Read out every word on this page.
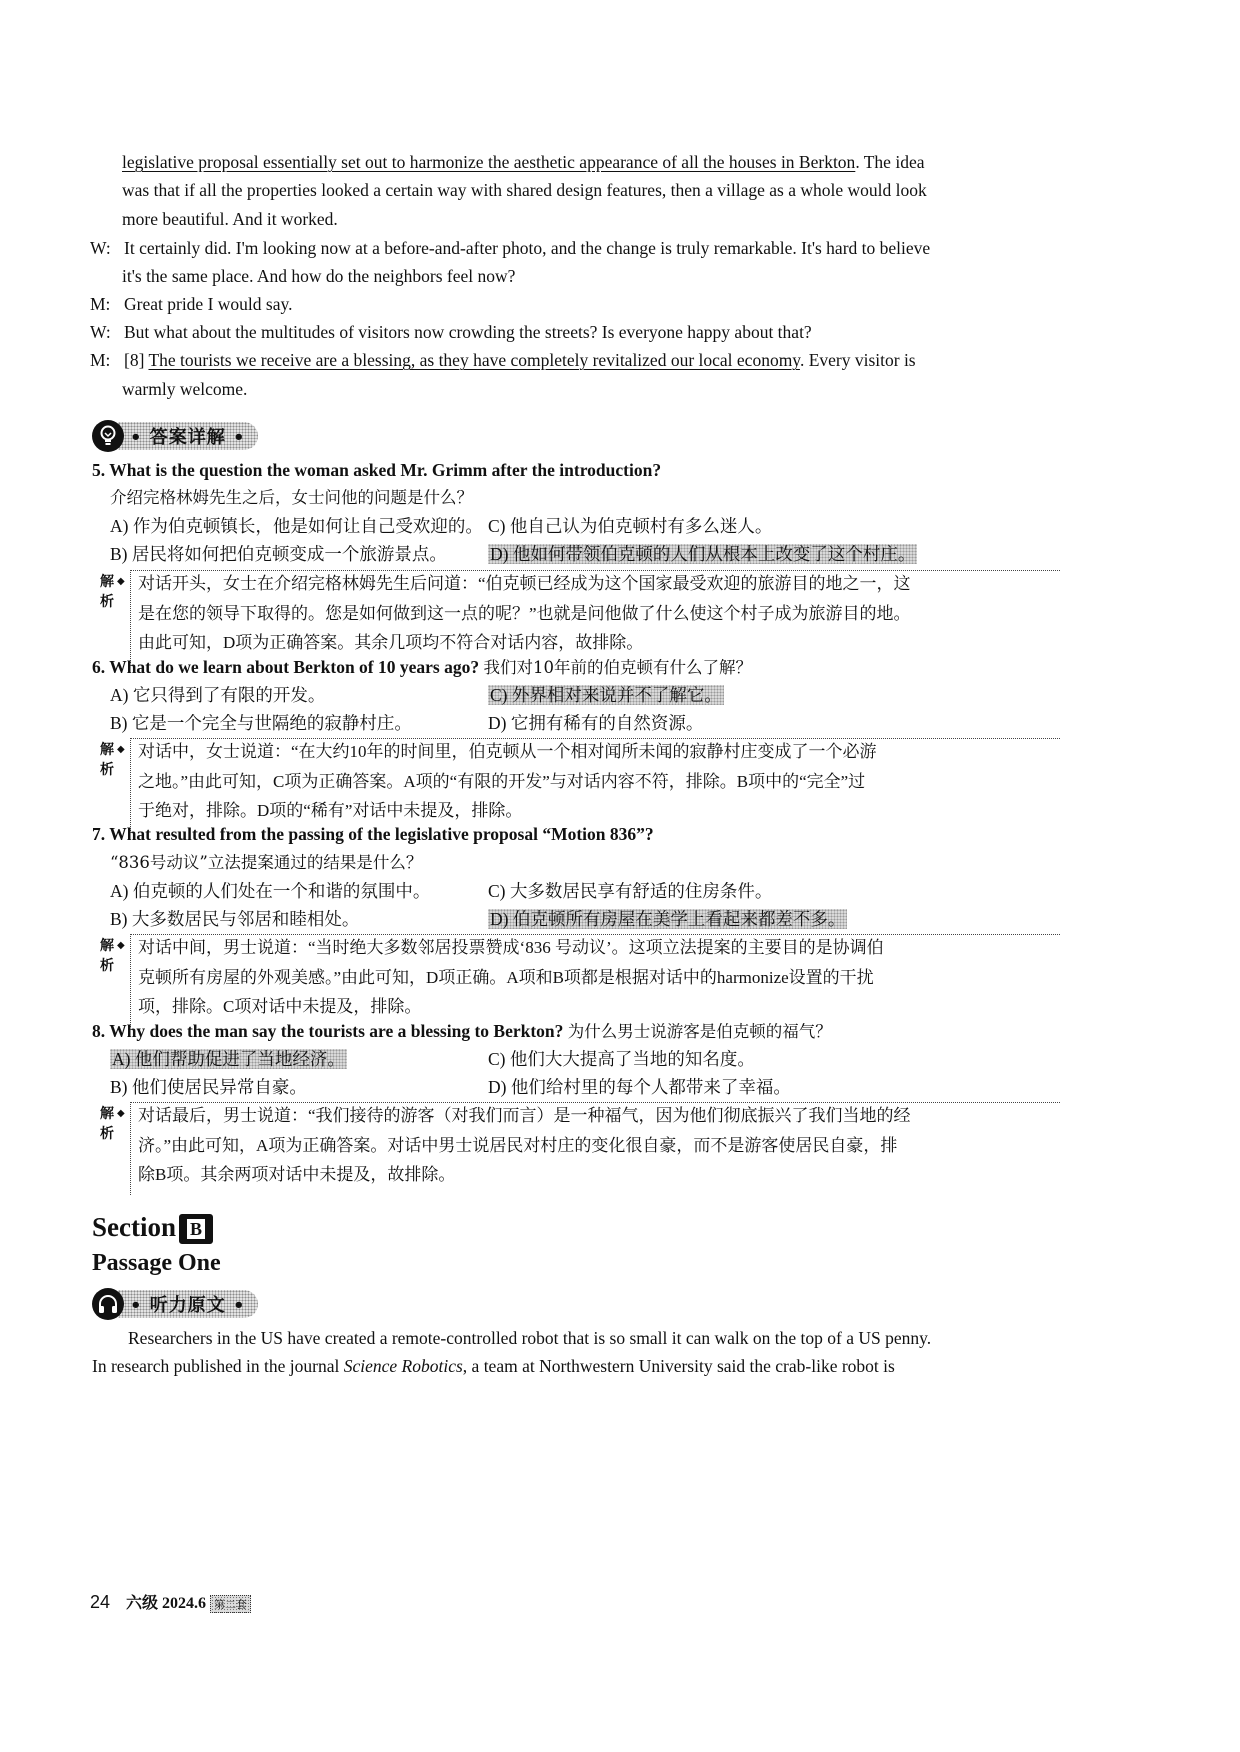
legislative proposal essentially set out to harmonize the aesthetic appearance of all the houses in Berkton. The idea
was that if all the properties looked a certain way with shared design features, then a village as a whole would look
more beautiful. And it worked.
W: It certainly did. I'm looking now at a before-and-after photo, and the change is truly remarkable. It's hard to believe
it's the same place. And how do the neighbors feel now?
M: Great pride I would say.
W: But what about the multitudes of visitors now crowding the streets? Is everyone happy about that?
M: [8] The tourists we receive are a blessing, as they have completely revitalized our local economy. Every visitor is
warmly welcome.
• 答案详解 •
5. What is the question the woman asked Mr. Grimm after the introduction?
介绍完格林姆先生之后，女士问他的问题是什么？
A) 作为伯克顿镇长，他是如何让自己受欢迎的。 C) 他自己认为伯克顿村有多么迷人。
B) 居民将如何把伯克顿变成一个旅游景点。 D) 他如何带领伯克顿的人们从根本上改变了这个村庄。
解
析
◆ 对话开头，女士在介绍完格林姆先生后问道：“伯克顿已经成为这个国家最受欢迎的旅游目的地之一，这
是在您的领导下取得的。您是如何做到这一点的呢？”也就是问他做了什么使这个村子成为旅游目的地。
由此可知，D项为正确答案。其余几项均不符合对话内容，故排除。
6. What do we learn about Berkton of 10 years ago? 我们对10年前的伯克顿有什么了解？
A) 它只得到了有限的开发。	C) 外界相对来说并不了解它。
B) 它是一个完全与世隔绝的寂静村庄。	D) 它拥有稀有的自然资源。
解
析
◆ 对话中，女士说道：“在大约10年的时间里，伯克顿从一个相对闻所未闻的寂静村庄变成了一个必游
之地。”由此可知，C项为正确答案。A项的“有限的开发”与对话内容不符，排除。B项中的“完全”过
于绝对，排除。D项的“稀有”对话中未提及，排除。
7. What resulted from the passing of the legislative proposal “Motion 836”?
“836号动议”立法提案通过的结果是什么？
A) 伯克顿的人们处在一个和谐的氛围中。	C) 大多数居民享有舒适的住房条件。
B) 大多数居民与邻居和睦相处。	D) 伯克顿所有房屋在美学上看起来都差不多。
解
析
◆ 对话中间，男士说道：“当时绝大多数邻居投票赞成‘836 号动议’。这项立法提案的主要目的是协调伯
克顿所有房屋的外观美感。”由此可知，D项正确。A项和B项都是根据对话中的harmonize设置的干扰
项，排除。C项对话中未提及，排除。
8. Why does the man say the tourists are a blessing to Berkton? 为什么男士说游客是伯克顿的福气？
A) 他们帮助促进了当地经济。	C) 他们大大提高了当地的知名度。
B) 他们使居民异常自豪。	D) 他们给村里的每个人都带来了幸福。
解
析
◆ 对话最后，男士说道：“我们接待的游客（对我们而言）是一种福气，因为他们彻底振兴了我们当地的经
济。”由此可知，A项为正确答案。对话中男士说居民对村庄的变化很自豪，而不是游客使居民自豪，排
除B项。其余两项对话中未提及，故排除。
Section B
Passage One
• 听力原文 •
Researchers in the US have created a remote-controlled robot that is so small it can walk on the top of a US penny.
In research published in the journal Science Robotics, a team at Northwestern University said the crab-like robot is
24 六级 2024.6 第二套
